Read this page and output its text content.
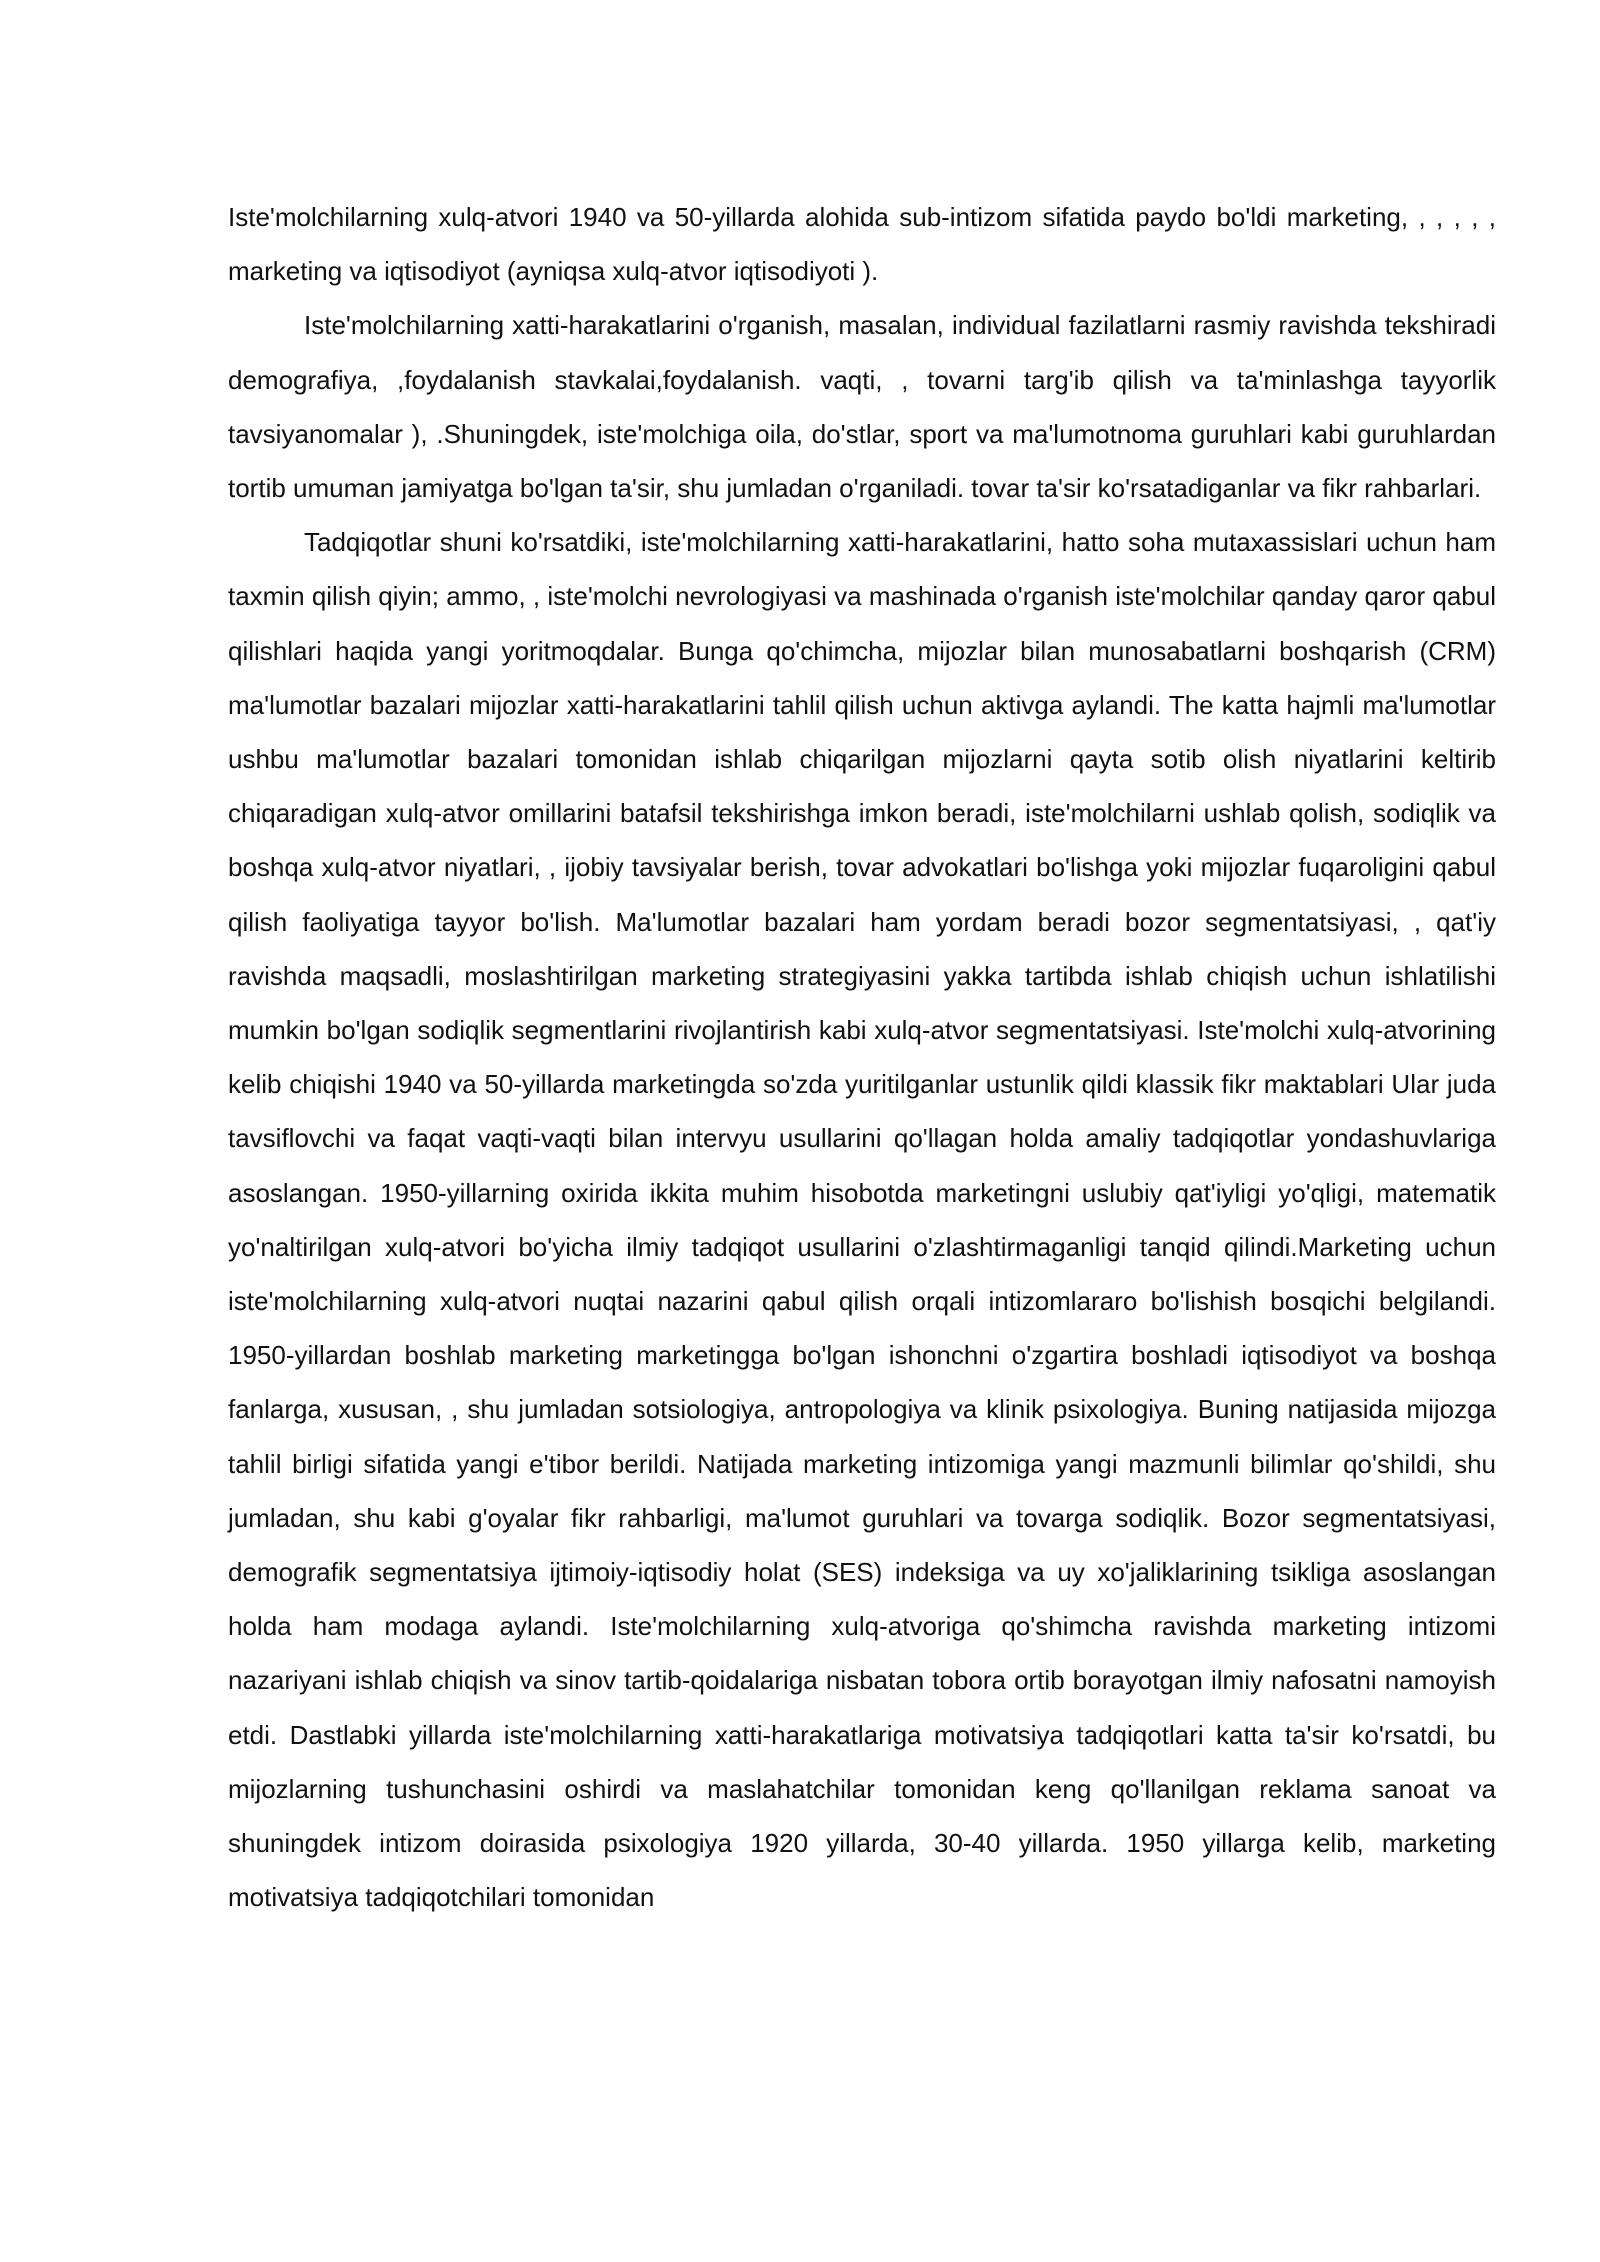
Iste'molchilarning xulq-atvori 1940 va 50-yillarda alohida sub-intizom sifatida paydo bo'ldi marketing, , , , , , marketing va iqtisodiyot (ayniqsa xulq-atvor iqtisodiyoti ).

Iste'molchilarning xatti-harakatlarini o'rganish, masalan, individual fazilatlarni rasmiy ravishda tekshiradi demografiya, ,foydalanish stavkalai,foydalanish. vaqti, , tovarni targ'ib qilish va ta'minlashga tayyorlik tavsiyanomalar ), .Shuningdek, iste'molchiga oila, do'stlar, sport va ma'lumotnoma guruhlari kabi guruhlardan tortib umuman jamiyatga bo'lgan ta'sir, shu jumladan o'rganiladi. tovar ta'sir ko'rsatadiganlar va fikr rahbarlari.

Tadqiqotlar shuni ko'rsatdiki, iste'molchilarning xatti-harakatlarini, hatto soha mutaxassislari uchun ham taxmin qilish qiyin; ammo, , iste'molchi nevrologiyasi va mashinada o'rganish iste'molchilar qanday qaror qabul qilishlari haqida yangi yoritmoqdalar. Bunga qo'chimcha, mijozlar bilan munosabatlarni boshqarish (CRM) ma'lumotlar bazalari mijozlar xatti-harakatlarini tahlil qilish uchun aktivga aylandi. The katta hajmli ma'lumotlar ushbu ma'lumotlar bazalari tomonidan ishlab chiqarilgan mijozlarni qayta sotib olish niyatlarini keltirib chiqaradigan xulq-atvor omillarini batafsil tekshirishga imkon beradi, iste'molchilarni ushlab qolish, sodiqlik va boshqa xulq-atvor niyatlari, , ijobiy tavsiyalar berish, tovar advokatlari bo'lishga yoki mijozlar fuqaroligini qabul qilish faoliyatiga tayyor bo'lish. Ma'lumotlar bazalari ham yordam beradi bozor segmentatsiyasi, , qat'iy ravishda maqsadli, moslashtirilgan marketing strategiyasini yakka tartibda ishlab chiqish uchun ishlatilishi mumkin bo'lgan sodiqlik segmentlarini rivojlantirish kabi xulq-atvor segmentatsiyasi. Iste'molchi xulq-atvorining kelib chiqishi 1940 va 50-yillarda marketingda so'zda yuritilganlar ustunlik qildi klassik fikr maktablari Ular juda tavsiflovchi va faqat vaqti-vaqti bilan intervyu usullarini qo'llagan holda amaliy tadqiqotlar yondashuvlariga asoslangan. 1950-yillarning oxirida ikkita muhim hisobotda marketingni uslubiy qat'iyligi yo'qligi, matematik yo'naltirilgan xulq-atvori bo'yicha ilmiy tadqiqot usullarini o'zlashtirmaganligi tanqid qilindi.Marketing uchun iste'molchilarning xulq-atvori nuqtai nazarini qabul qilish orqali intizomlararo bo'lishish bosqichi belgilandi. 1950-yillardan boshlab marketing marketingga bo'lgan ishonchni o'zgartira boshladi iqtisodiyot va boshqa fanlarga, xususan, , shu jumladan sotsiologiya, antropologiya va klinik psixologiya. Buning natijasida mijozga tahlil birligi sifatida yangi e'tibor berildi. Natijada marketing intizomiga yangi mazmunli bilimlar qo'shildi, shu jumladan, shu kabi g'oyalar fikr rahbarligi, ma'lumot guruhlari va tovarga sodiqlik. Bozor segmentatsiyasi, demografik segmentatsiya ijtimoiy-iqtisodiy holat (SES) indeksiga va uy xo'jaliklarining tsikliga asoslangan holda ham modaga aylandi. Iste'molchilarning xulq-atvoriga qo'shimcha ravishda marketing intizomi nazariyani ishlab chiqish va sinov tartib-qoidalariga nisbatan tobora ortib borayotgan ilmiy nafosatni namoyish etdi. Dastlabki yillarda iste'molchilarning xatti-harakatlariga motivatsiya tadqiqotlari katta ta'sir ko'rsatdi, bu mijozlarning tushunchasini oshirdi va maslahatchilar tomonidan keng qo'llanilgan reklama sanoat va shuningdek intizom doirasida psixologiya 1920 yillarda, 30-40 yillarda. 1950 yillarga kelib, marketing motivatsiya tadqiqotchilari tomonidan
